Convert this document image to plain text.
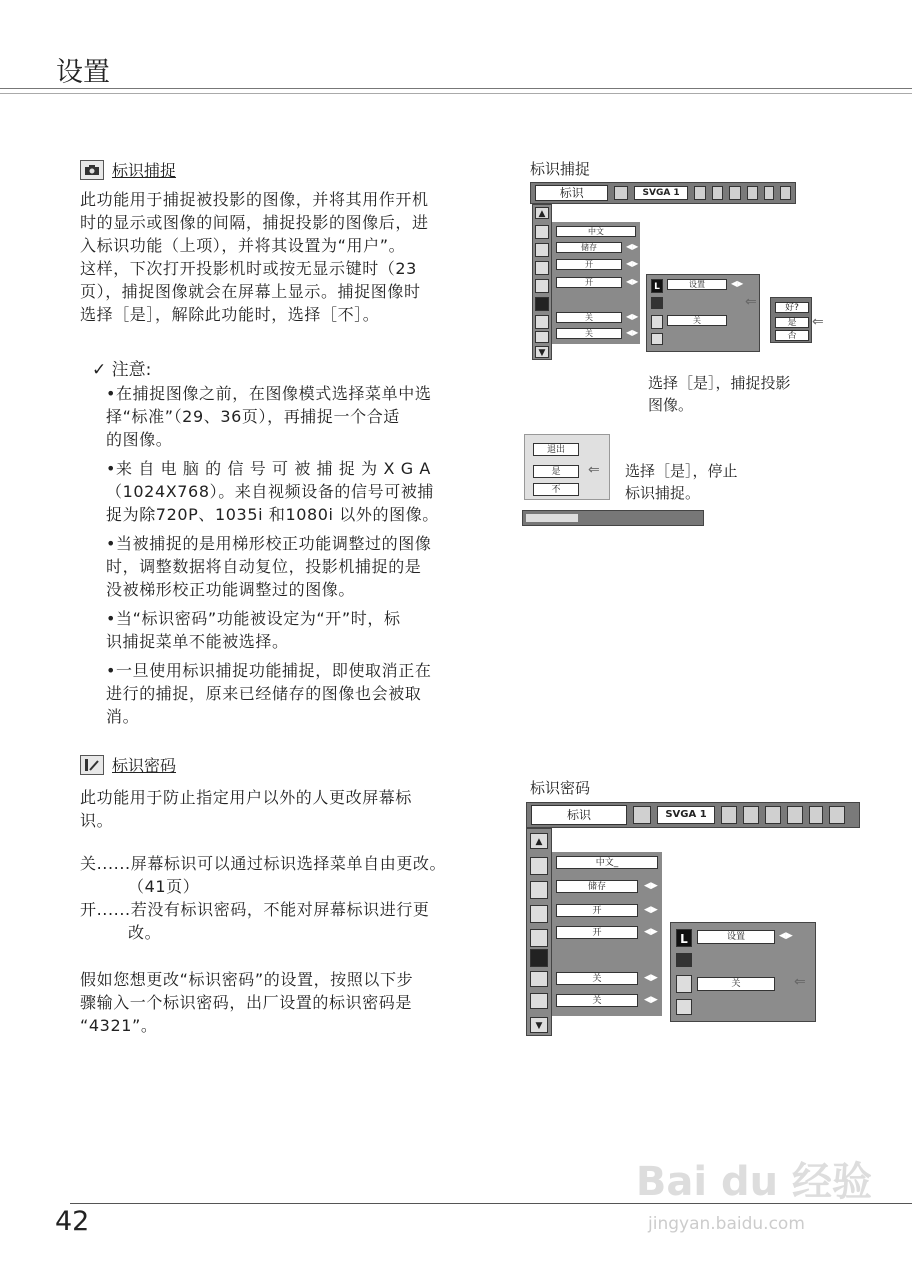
设置
标识捕捉
此功能用于捕捉被投影的图像，并将其用作开机
时的显示或图像的间隔，捕捉投影的图像后，进
入标识功能（上项），并将其设置为“用户”。
这样，下次打开投影机时或按无显示键时（23
页），捕捉图像就会在屏幕上显示。捕捉图像时
选择［是］，解除此功能时，选择［不］。
✓ 注意:
•在捕捉图像之前，在图像模式选择菜单中选
择“标准”（29、36页），再捕捉一个合适
的图像。
•来 自 电 脑 的 信 号 可 被 捕 捉 为 X G A
（1024X768）。来自视频设备的信号可被捕
捉为除720P、1035i 和1080i 以外的图像。
•当被捕捉的是用梯形校正功能调整过的图像
时，调整数据将自动复位，投影机捕捉的是
没被梯形校正功能调整过的图像。
•当“标识密码”功能被设定为“开”时，标
识捕捉菜单不能被选择。
•一旦使用标识捕捉功能捕捉，即使取消正在
进行的捕捉，原来已经储存的图像也会被取
消。
标识密码
此功能用于防止指定用户以外的人更改屏幕标
识。
关......屏幕标识可以通过标识选择菜单自由更改。
（41页）
开......若没有标识密码，不能对屏幕标识进行更
改。
假如您想更改“标识密码”的设置，按照以下步
骤输入一个标识密码，出厂设置的标识密码是
“4321”。
标识捕捉
标识	SVGA 1
▲
▼
中文
储存	◀▶
开	◀▶
开	◀▶
关	◀▶
关	◀▶
L	设置	◀▶
关
⇐	好?
是
否
⇐
选择［是］，捕捉投影
图像。
退出
是
不
⇐ 选择［是］，停止
标识捕捉。
标识密码
标识	SVGA 1
▲
▼
中文_
储存	◀▶
开	◀▶
开	◀▶
关	◀▶
关	◀▶
L	设置	◀▶
关	⇐
Bai du 经验
jingyan.baidu.com
42
